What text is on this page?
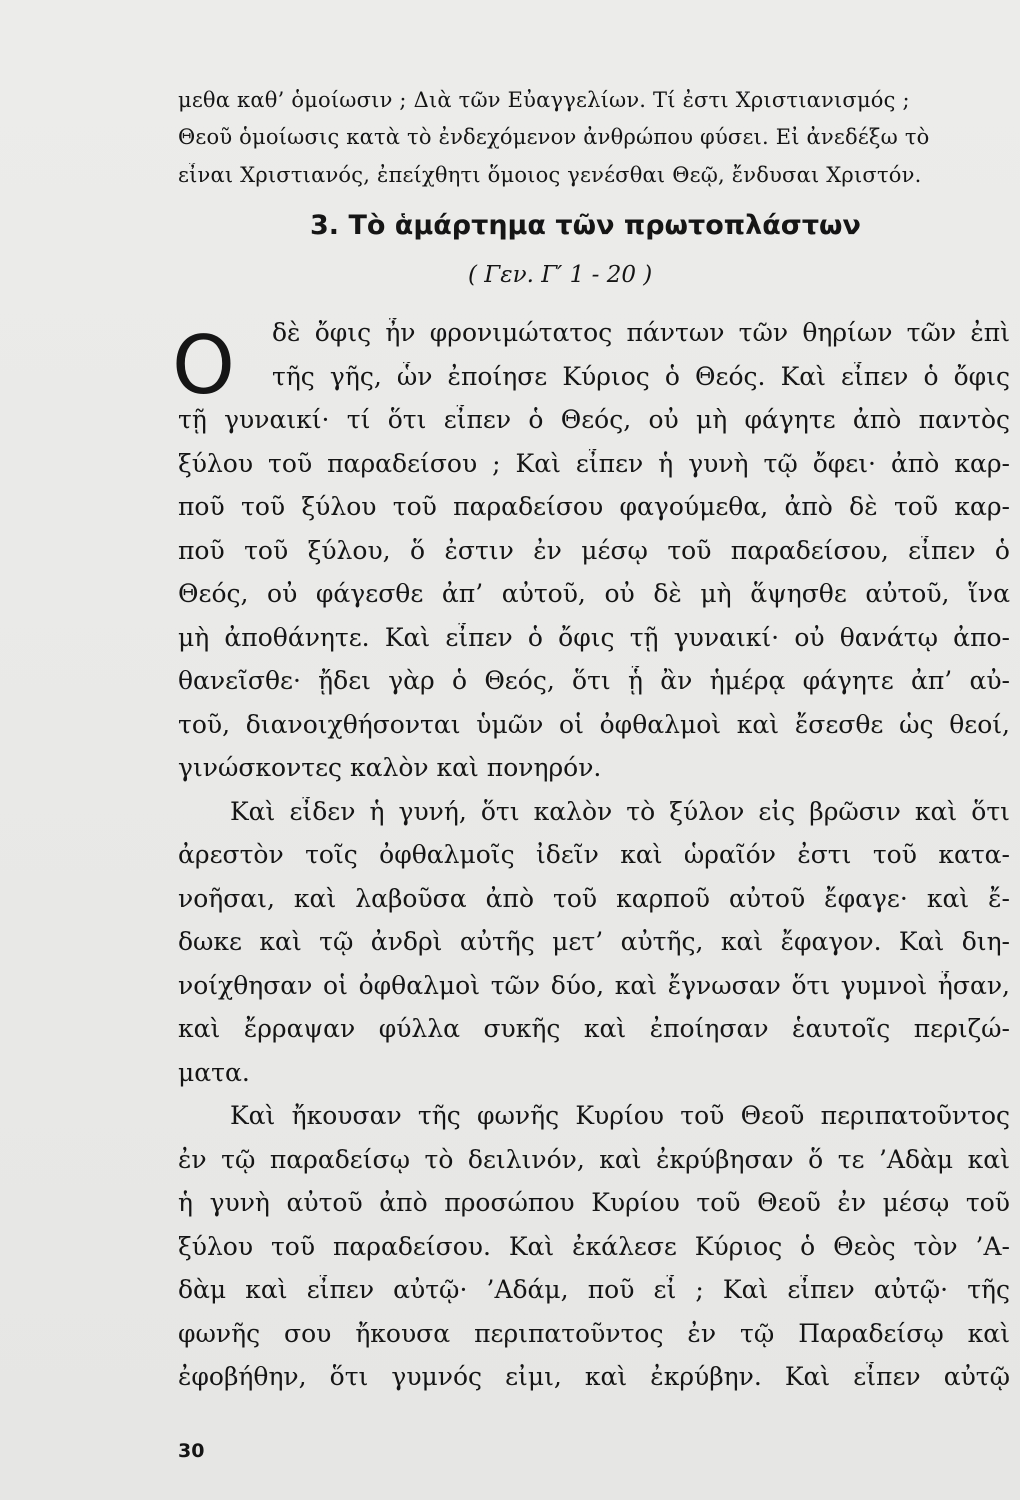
μεθα καθ’ ὁμοίωσιν ; Διὰ τῶν Εὐαγγελίων. Τί ἐστι Χριστιανισμός ;
Θεοῦ ὁμοίωσις κατὰ τὸ ἐνδεχόμενον ἀνθρώπου φύσει. Εἰ ἀνεδέξω τὸ
εἶναι Χριστιανός, ἐπείχθητι ὅμοιος γενέσθαι Θεῷ, ἔνδυσαι Χριστόν.
3. Τὸ ἁμάρτημα τῶν πρωτοπλάστων
( Γεν. Γ′ 1 - 20 )
Ο δὲ ὄφις ἦν φρονιμώτατος πάντων τῶν θηρίων τῶν ἐπὶ
τῆς γῆς, ὧν ἐποίησε Κύριος ὁ Θεός. Καὶ εἶπεν ὁ ὄφις
τῇ γυναικί· τί ὅτι εἶπεν ὁ Θεός, οὐ μὴ φάγητε ἀπὸ παντὸς
ξύλου τοῦ παραδείσου ; Καὶ εἶπεν ἡ γυνὴ τῷ ὄφει· ἀπὸ καρ-
ποῦ τοῦ ξύλου τοῦ παραδείσου φαγούμεθα, ἀπὸ δὲ τοῦ καρ-
ποῦ τοῦ ξύλου, ὅ ἐστιν ἐν μέσῳ τοῦ παραδείσου, εἶπεν ὁ
Θεός, οὐ φάγεσθε ἀπ’ αὐτοῦ, οὐ δὲ μὴ ἅψησθε αὐτοῦ, ἵνα
μὴ ἀποθάνητε. Καὶ εἶπεν ὁ ὄφις τῇ γυναικί· οὐ θανάτῳ ἀπο-
θανεῖσθε· ᾔδει γὰρ ὁ Θεός, ὅτι ᾗ ἂν ἡμέρᾳ φάγητε ἀπ’ αὐ-
τοῦ, διανοιχθήσονται ὑμῶν οἱ ὀφθαλμοὶ καὶ ἔσεσθε ὡς θεοί,
γινώσκοντες καλὸν καὶ πονηρόν.
Καὶ εἶδεν ἡ γυνή, ὅτι καλὸν τὸ ξύλον εἰς βρῶσιν καὶ ὅτι
ἀρεστὸν τοῖς ὀφθαλμοῖς ἰδεῖν καὶ ὡραῖόν ἐστι τοῦ κατα-
νοῆσαι, καὶ λαβοῦσα ἀπὸ τοῦ καρποῦ αὐτοῦ ἔφαγε· καὶ ἔ-
δωκε καὶ τῷ ἀνδρὶ αὐτῆς μετ’ αὐτῆς, καὶ ἔφαγον. Καὶ διη-
νοίχθησαν οἱ ὀφθαλμοὶ τῶν δύο, καὶ ἔγνωσαν ὅτι γυμνοὶ ἦσαν,
καὶ ἔρραψαν φύλλα συκῆς καὶ ἐποίησαν ἑαυτοῖς περιζώ-
ματα.
Καὶ ἤκουσαν τῆς φωνῆς Κυρίου τοῦ Θεοῦ περιπατοῦντος
ἐν τῷ παραδείσῳ τὸ δειλινόν, καὶ ἐκρύβησαν ὅ τε ’Αδὰμ καὶ
ἡ γυνὴ αὐτοῦ ἀπὸ προσώπου Κυρίου τοῦ Θεοῦ ἐν μέσῳ τοῦ
ξύλου τοῦ παραδείσου. Καὶ ἐκάλεσε Κύριος ὁ Θεὸς τὸν ’Α-
δὰμ καὶ εἶπεν αὐτῷ· ’Αδάμ, ποῦ εἶ ; Καὶ εἶπεν αὐτῷ· τῆς
φωνῆς σου ἤκουσα περιπατοῦντος ἐν τῷ Παραδείσῳ καὶ
ἐφοβήθην, ὅτι γυμνός εἰμι, καὶ ἐκρύβην. Καὶ εἶπεν αὐτῷ
30
